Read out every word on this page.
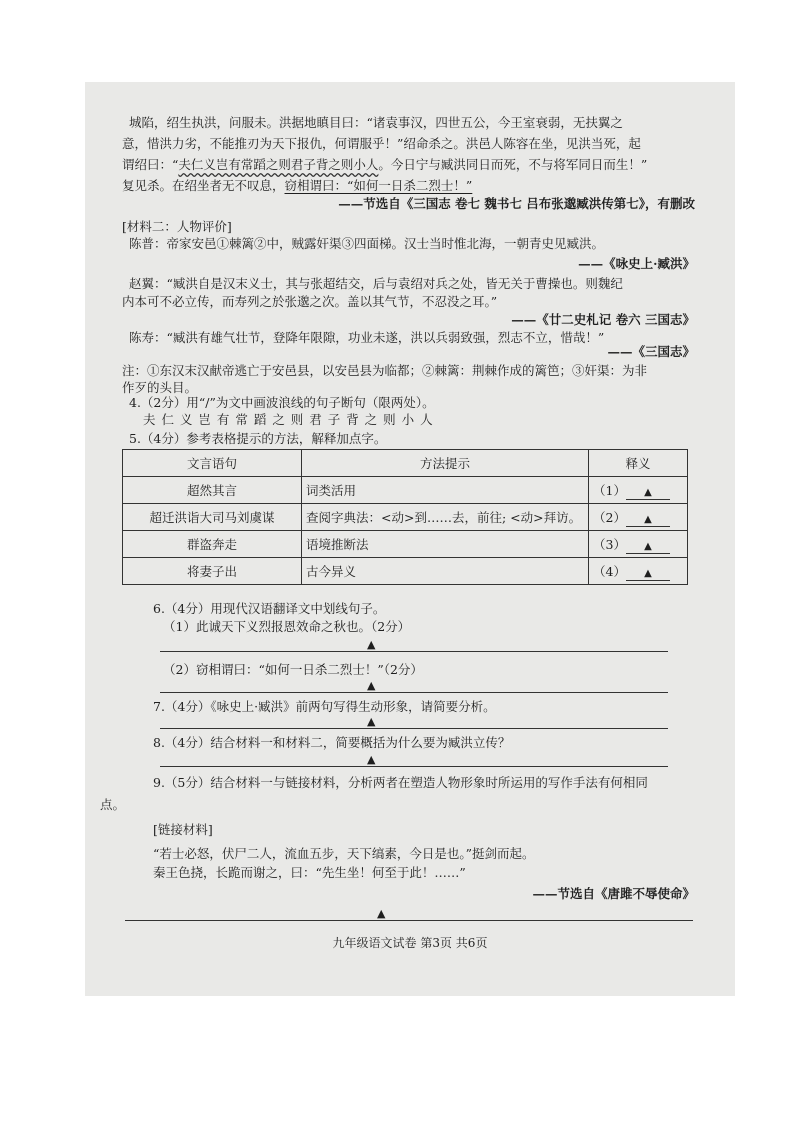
城陷，绍生执洪，问服未。洪据地瞋目曰：“诸袁事汉，四世五公，今王室衰弱，无扶翼之
意，惜洪力劣，不能推刃为天下报仇，何谓服乎！”绍命杀之。洪邑人陈容在坐，见洪当死，起
谓绍曰：“夫仁义岂有常蹈之则君子背之则小人。今日宁与臧洪同日而死，不与将军同日而生！”
复见杀。在绍坐者无不叹息，窃相谓曰：“如何一日杀二烈士！”
——节选自《三国志 卷七 魏书七 吕布张邈臧洪传第七》，有删改
[材料二：人物评价]
陈普：帝家安邑①棘篱②中，贼露奸渠③四面梯。汉士当时惟北海，一朝青史见臧洪。
——《咏史上·臧洪》
赵翼：“臧洪自是汉末义士，其与张超结交，后与袁绍对兵之处，皆无关于曹操也。则魏纪
内本可不必立传，而寿列之於张邈之次。盖以其气节，不忍没之耳。”
——《廿二史札记 卷六 三国志》
陈寿：“臧洪有雄气壮节，登降年限隙，功业未遂，洪以兵弱致强，烈志不立，惜哉！”
——《三国志》
注：①东汉末汉献帝逃亡于安邑县，以安邑县为临都；②棘篱：荆棘作成的篱笆；③奸渠：为非
作歹的头目。
4.（2分）用“/”为文中画波浪线的句子断句（限两处）。
夫 仁 义 岂 有 常 蹈 之 则 君 子 背 之 则 小 人
5.（4分）参考表格提示的方法，解释加点字。
文言语句	方法提示	释义
超然其言	词类活用	（1） ▲
超迁洪诣大司马刘虞谋	查阅字典法：<动>到……去，前往; <动>拜访。	（2） ▲
群盗奔走	语境推断法	（3） ▲
将妻子出	古今异义	（4） ▲
6.（4分）用现代汉语翻译文中划线句子。
（1）此诚天下义烈报恩效命之秋也。（2分）
▲
（2）窃相谓曰：“如何一日杀二烈士！”（2分）
▲
7.（4分）《咏史上·臧洪》前两句写得生动形象，请简要分析。
▲
8.（4分）结合材料一和材料二，简要概括为什么要为臧洪立传？
▲
9.（5分）结合材料一与链接材料，分析两者在塑造人物形象时所运用的写作手法有何相同
点。
[链接材料]
“若士必怒，伏尸二人，流血五步，天下缟素，今日是也。”挺剑而起。
秦王色挠，长跪而谢之，曰：“先生坐！何至于此！……”
——节选自《唐雎不辱使命》
▲
九年级语文试卷 第3页 共6页
